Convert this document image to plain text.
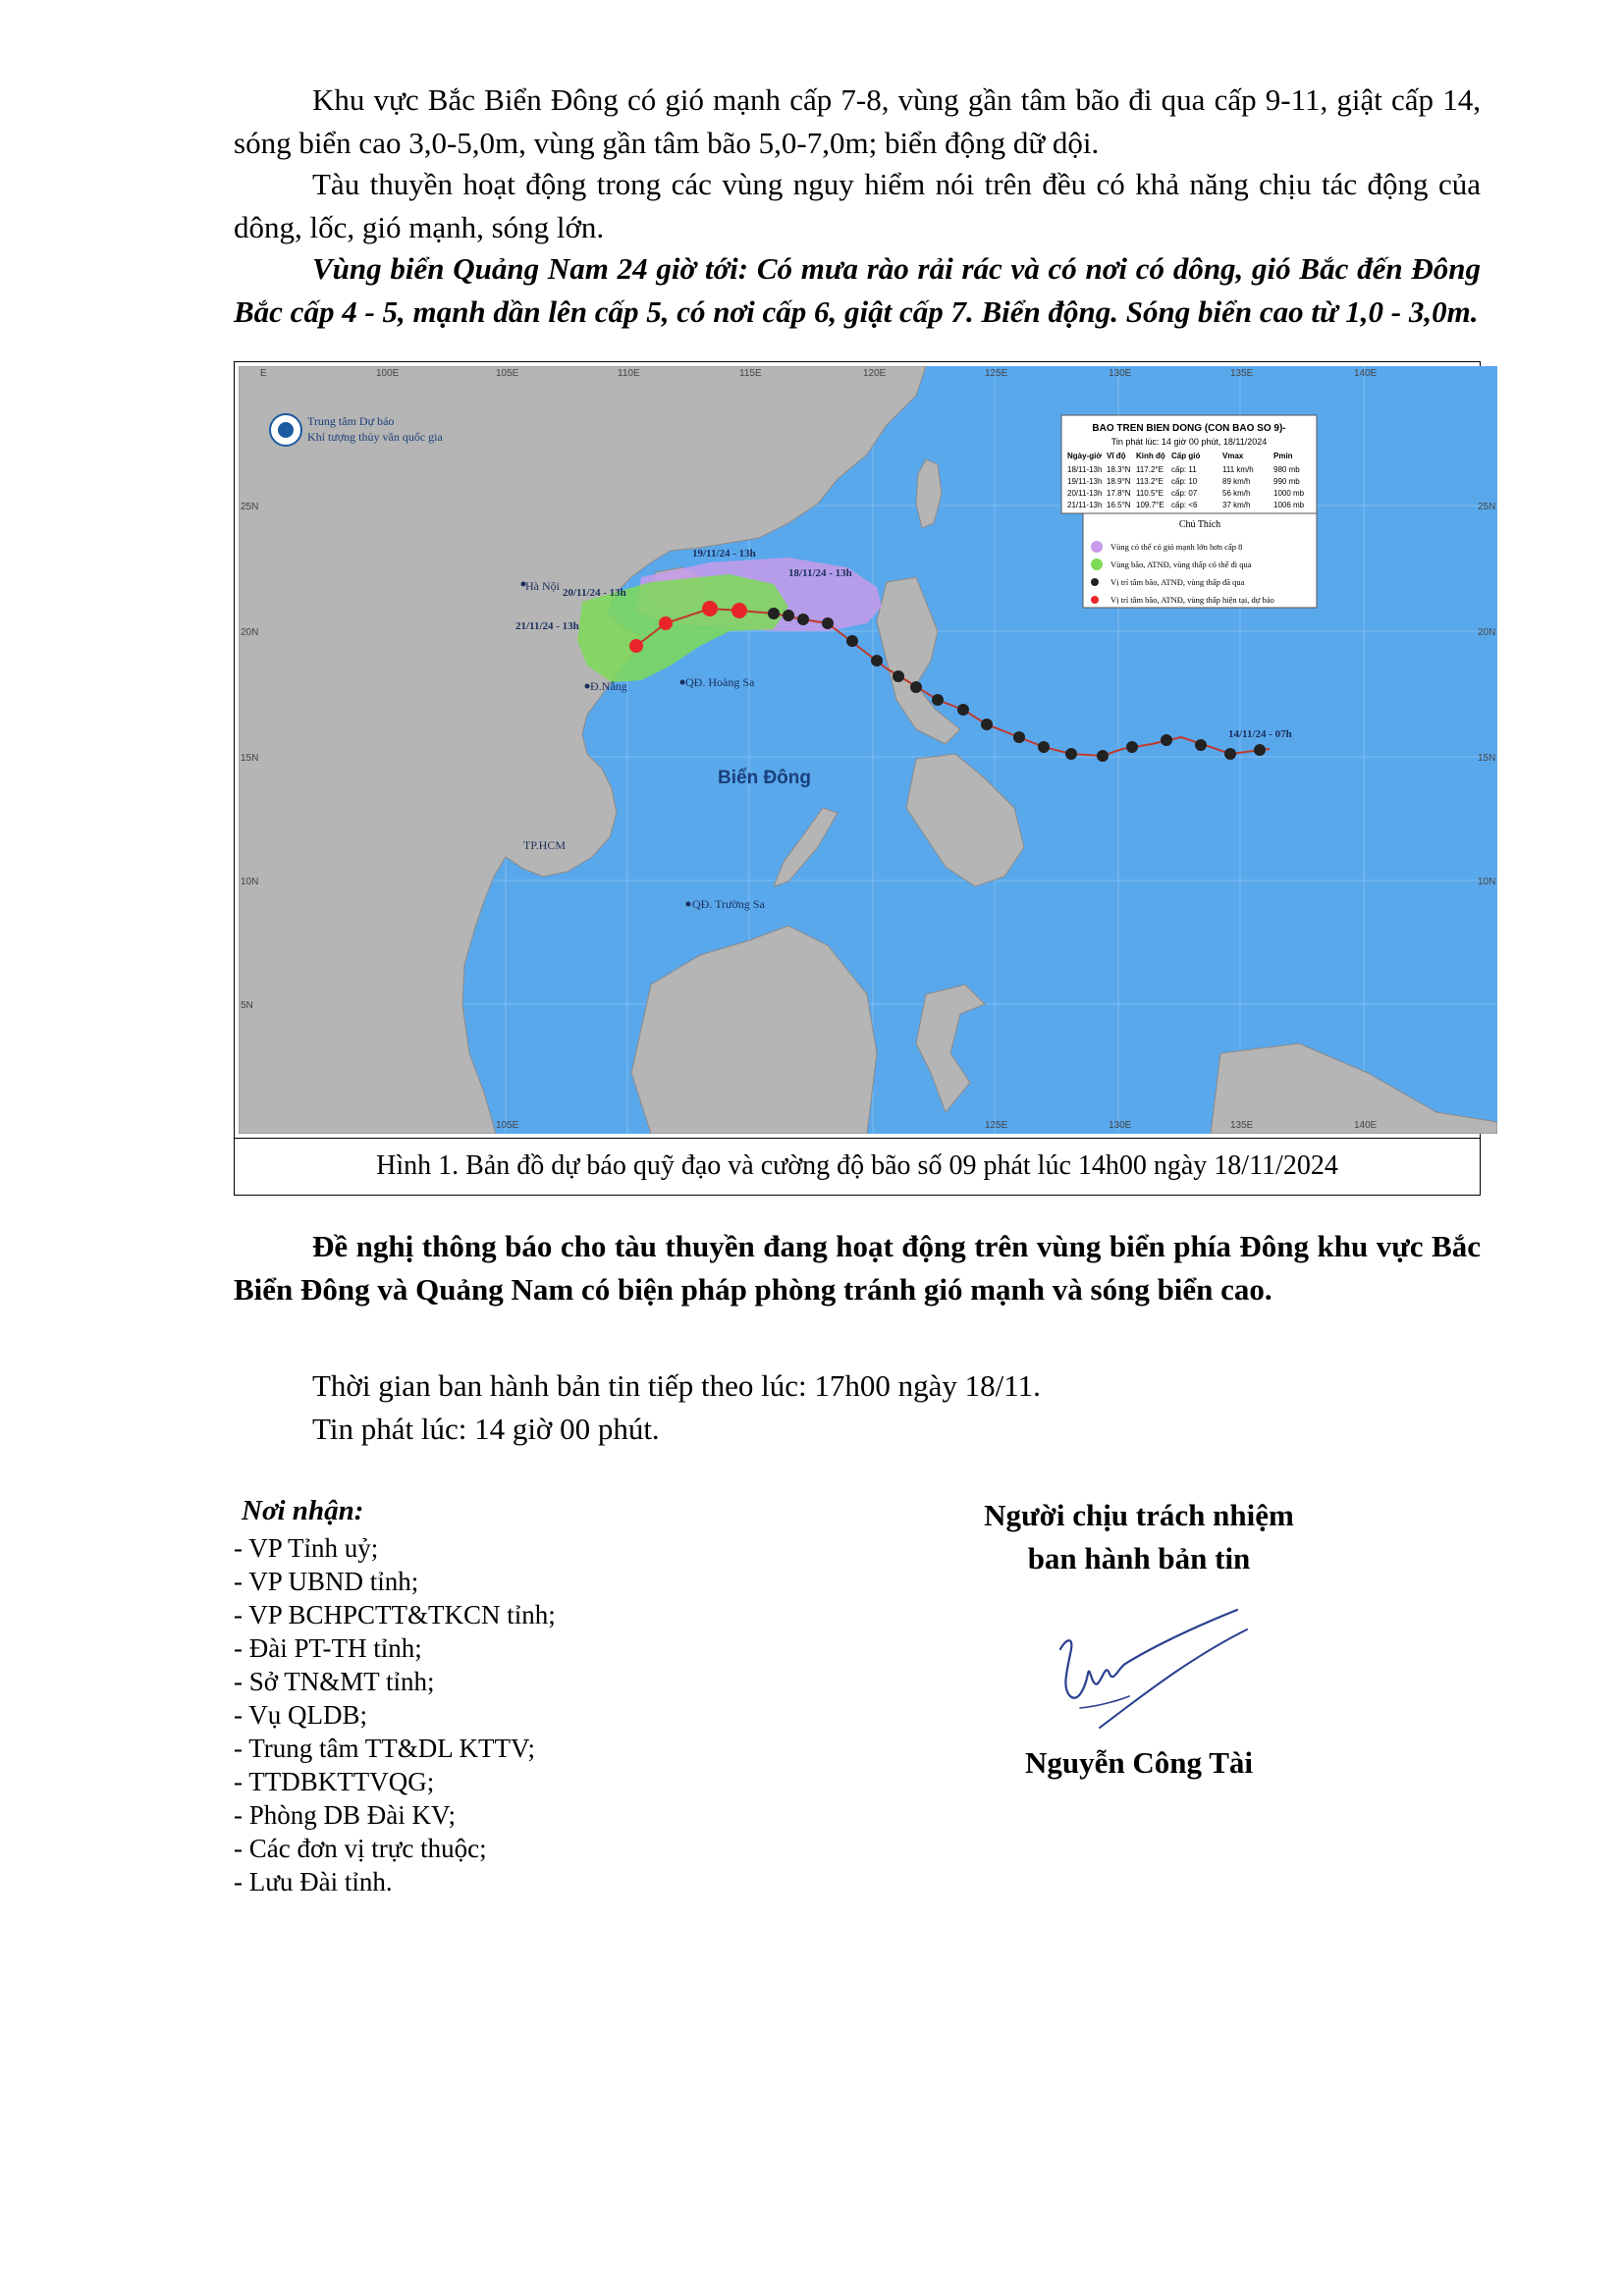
Khu vực Bắc Biển Đông có gió mạnh cấp 7-8, vùng gần tâm bão đi qua cấp 9-11, giật cấp 14, sóng biển cao 3,0-5,0m, vùng gần tâm bão 5,0-7,0m; biển động dữ dội.
Tàu thuyền hoạt động trong các vùng nguy hiểm nói trên đều có khả năng chịu tác động của dông, lốc, gió mạnh, sóng lớn.
Vùng biển Quảng Nam 24 giờ tới: Có mưa rào rải rác và có nơi có dông, gió Bắc đến Đông Bắc cấp 4 - 5, mạnh dần lên cấp 5, có nơi cấp 6, giật cấp 7. Biển động. Sóng biển cao từ 1,0 - 3,0m.
E	100E	105E	110E	115E	120E	125E	130E	135E	140E
105E	125E	130E	135E	140E
25N
20N
15N
10N
5N
25N
20N
15N
10N
Trung tâm Dự báo
Khí tượng thủy văn quốc gia
Hà Nội
Đ.Nẵng	QĐ. Hoàng Sa
QĐ. Trường Sa
TP.HCM
Biển Đông
19/11/24 - 13h
18/11/24 - 13h
20/11/24 - 13h
21/11/24 - 13h
14/11/24 - 07h
BAO TREN BIEN DONG (CON BAO SO 9)-
Tin phát lúc: 14 giờ 00 phút, 18/11/2024
Ngày-giờ Vĩ độ Kinh độ Cấp gió	Vmax	Pmin
18/11-13h 18.3°N 117.2°E cấp: 11	111 km/h	980 mb
19/11-13h 18.9°N 113.2°E cấp: 10	89 km/h	990 mb
20/11-13h 17.8°N 110.5°E cấp: 07	56 km/h	1000 mb
21/11-13h 16.5°N 109.7°E cấp: <6	37 km/h	1006 mb
Chú Thích
Vùng có thể có gió mạnh lớn hơn cấp 8
Vùng bão, ATNĐ, vùng thấp có thể đi qua
Vị trí tâm bão, ATNĐ, vùng thấp đã qua
Vị trí tâm bão, ATNĐ, vùng thấp hiện tại, dự báo
Hình 1. Bản đồ dự báo quỹ đạo và cường độ bão số 09 phát lúc 14h00 ngày 18/11/2024
Đề nghị thông báo cho tàu thuyền đang hoạt động trên vùng biển phía Đông khu vực Bắc Biển Đông và Quảng Nam có biện pháp phòng tránh gió mạnh và sóng biển cao.
Thời gian ban hành bản tin tiếp theo lúc: 17h00 ngày 18/11.
Tin phát lúc: 14 giờ 00 phút.
Nơi nhận:
- VP Tỉnh uỷ;
- VP UBND tỉnh;
- VP BCHPCTT&TKCN tỉnh;
- Đài PT-TH tỉnh;
- Sở TN&MT tỉnh;
- Vụ QLDB;
- Trung tâm TT&DL KTTV;
- TTDBKTTVQG;
- Phòng DB Đài KV;
- Các đơn vị trực thuộc;
- Lưu Đài tỉnh.
Người chịu trách nhiệm
ban hành bản tin
Nguyễn Công Tài
